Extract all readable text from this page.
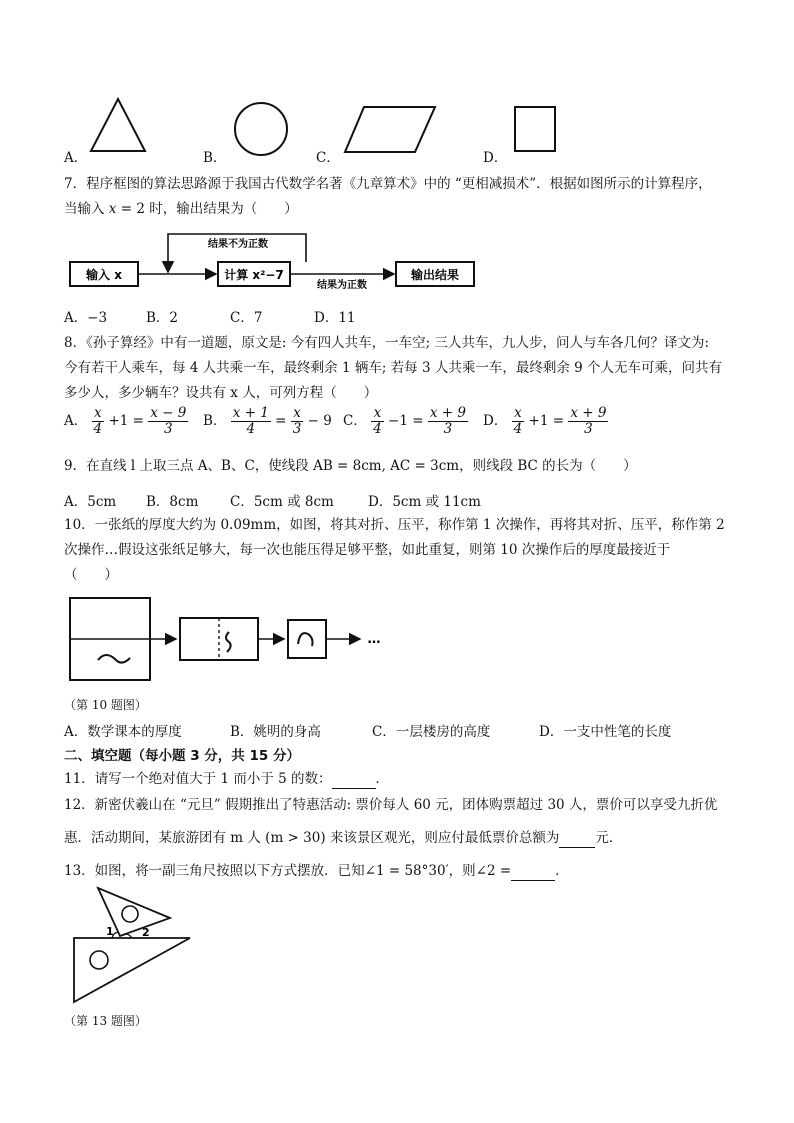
A．	B．	C．	D．
7．程序框图的算法思路源于我国古代数学名著《九章算术》中的 “更相减损术”．根据如图所示的计算程序，
当输入 x = 2 时，输出结果为（　　）
输入 x	计算 x²−7
结果为正数
输出结果
结果不为正数
A．−3	B．2	C．7	D．11
8．《孙子算经》中有一道题，原文是: 今有四人共车，一车空; 三人共车，九人步，问人与车各几何？译文为:
今有若干人乘车，每 4 人共乘一车，最终剩余 1 辆车; 若每 3 人共乘一车，最终剩余 9 个人无车可乘，问共有
多少人，多少辆车？设共有 x 人，可列方程（　　）
A． $\frac{x}{4} +1 = \frac{x - 9}{3}$ B． $\frac{x + 1}{4} = \frac{x}{3} - 9$ C． $\frac{x}{4} -1 = \frac{x + 9}{3}$ D． $\frac{x}{4} +1 = \frac{x + 9}{3}$
9．在直线 l 上取三点 A、B、C，使线段 AB = 8cm, AC = 3cm，则线段 BC 的长为（　　）
A．5cm B．8cm C．5cm 或 8cm	D．5cm 或 11cm
10．一张纸的厚度大约为 0.09mm，如图，将其对折、压平，称作第 1 次操作，再将其对折、压平，称作第 2
次操作…假设这张纸足够大，每一次也能压得足够平整，如此重复，则第 10 次操作后的厚度最接近于
（　　）
…
（第 10 题图）
A．数学课本的厚度	B．姚明的身高	C．一层楼房的高度	D．一支中性笔的长度
二、填空题（每小题 3 分，共 15 分）
11．请写一个绝对值大于 1 而小于 5 的数：	．
12．新密伏羲山在 “元旦” 假期推出了特惠活动: 票价每人 60 元，团体购票超过 30 人，票价可以享受九折优
惠．活动期间，某旅游团有 m 人 (m > 30) 来该景区观光，则应付最低票价总额为	元．
13．如图，将一副三角尺按照以下方式摆放．已知∠1 = 58°30′，则∠2 =	．
1	2
（第 13 题图）
